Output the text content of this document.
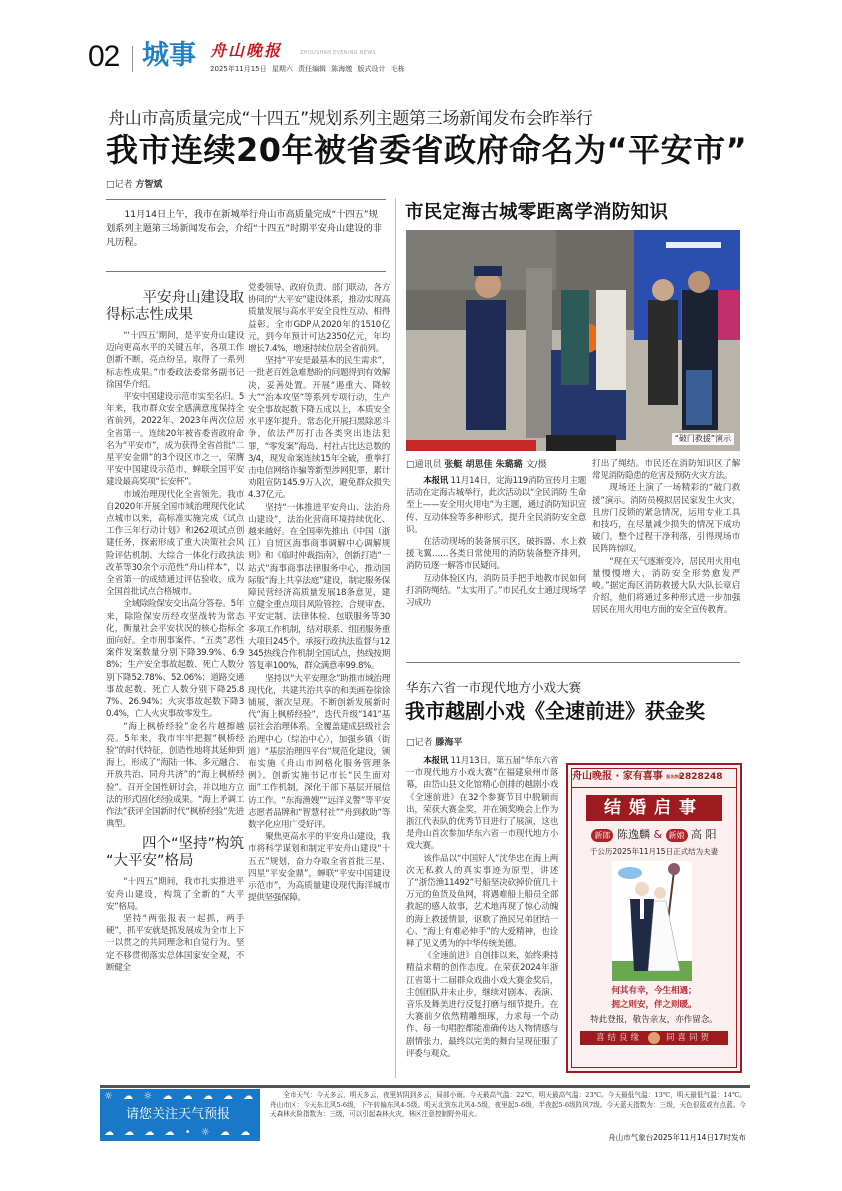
02 城事 舟山晚报	ZHOUSHAN EVENING NEWS
2025年11月15日 星期六 责任编辑 陈海缴 版式设计 毛栋
舟山市高质量完成“十四五”规划系列主题第三场新闻发布会昨举行
我市连续20年被省委省政府命名为“平安市”
□记者 方智斌
11月14日上午，我市在新城举行舟山市高质量完成“十四五”规划系列主题第三场新闻发布会，介绍“十四五”时期平安舟山建设的非凡历程。
平安舟山建设取
得标志性成果

“‘十四五’期间，是平安舟山建设迈向更高水平的关键五年，各项工作创新不断，亮点纷呈，取得了一系列标志性成果。”市委政法委常务副书记徐国华介绍。

平安中国建设示范市实至名归。5年来，我市群众安全感满意度保持全省前列，2022年、2023年两次位居全省第一。连续20年被省委省政府命名为“平安市”，成为获得全省首批“二星平安金鼎”的3个设区市之一，荣膺平安中国建设示范市，蝉联全国平安建设最高奖项“长安杯”。

市域治理现代化全省领先。我市自2020年开展全国市域治理现代化试点城市以来，高标准实施完成《试点工作三年行动计划》和262项试点创建任务，探索形成了重大决策社会风险评估机制、大综合一体化行政执法改革等30余个示范性“舟山样本”，以全省第一的成绩通过评估验收，成为全国首批试点合格城市。

全域除险保安交出高分答卷。5年来，除险保安历经攻坚战转为常态化，衡量社会平安状况的核心指标全面向好。全市刑事案件、“五类”恶性案件发案数量分别下降39.9%、6.98%；生产安全事故起数、死亡人数分别下降52.78%、52.06%；道路交通事故起数、死亡人数分别下降25.87%、26.94%；火灾事故起数下降30.4%，亡人火灾事故零发生。

“海上枫桥经验”金名片越擦越亮。5年来，我市牢牢把握“枫桥经验”的时代特征，创造性地将其延伸到海上，形成了“海陆一体、多元融合、开放共治、同舟共济”的“海上枫桥经验”。召开全国性研讨会，并以地方立法的形式固化经验成果。“海上矛调工作法”获评全国新时代“枫桥经验”先进典型。

四个“坚持”构筑
“大平安”格局

“十四五”期间，我市扎实推进平安舟山建设，构筑了全新的“大平安”格局。

坚持“两张报表一起抓，两手硬”，抓平安就是抓发展成为全市上下一以贯之的共同理念和自觉行为。坚定不移贯彻落实总体国家安全观，不断健全

党委领导、政府负责、部门联动，各方协同的“大平安”建设体系，推动实现高质量发展与高水平安全良性互动、相得益彰。全市GDP从2020年的1510亿元，到今年预计可达2350亿元，年均增长7.4%，增速持续位居全省前列。

坚持“平安是最基本的民生需求”，一批老百姓急难愁盼的问题得到有效解决，妥善处置。开展“遏重大、降较大”“治本攻坚”等系列专项行动，生产安全事故起数下降五成以上，本质安全水平逐年提升。常态化开展扫黑除恶斗争，依法严厉打击各类突出违法犯罪，“零发案”海岛、村社占比达总数的3/4，现发命案连续15年全破，重拳打击电信网络诈骗等新型涉网犯罪，累计劝阻宣防145.9万人次，避免群众损失4.37亿元。

坚持“一体推进平安舟山、法治舟山建设”，法治化营商环境持续优化、越来越好。在全国率先推出《中国（浙江）自贸区海事商事调解中心调解规则》和《临时仲裁指南》，创新打造“一站式”海事商事法律服务中心，推动国际版“海上共享法庭”建设，制定服务保障民营经济高质量发展18条意见，建立健全重点项目风险管控、合规审查、平安定制、法律体检、包联服务等30多项工作机制，结对联系、组团服务重大项目245个。承接行政执法监督与12345热线合作机制全国试点，热线按期答复率100%，群众满意率99.8%。

坚持以“大平安理念”助推市域治理现代化，共建共治共享的和美画卷徐徐铺展，渐次呈现。不断创新发展新时代“海上枫桥经验”，迭代升级“141”基层社会治理体系。全覆盖建成县级社会治理中心（综治中心），加强乡镇（街道）“基层治理四平台”规范化建设，颁布实施《舟山市网格化服务管理条例》。创新实施书记市长“民生面对面”工作机制，深化干部下基层开展信访工作。“东海渔嫂”“远洋义警”等平安志愿者品牌和“智慧村社”“舟到救助”等数字化应用广受好评。

聚焦更高水平的平安舟山建设，我市将科学谋划和制定平安舟山建设“十五五”规划，奋力夺取全省首批三星、四星“平安金鼎”，蝉联“平安中国建设示范市”，为高质量建设现代海洋城市提供坚强保障。

市民定海古城零距离学消防知识
“破门救援”演示
□通讯员 张艇 胡思佳 朱璐璐 文/摄

本报讯 11月14日，定海119消防宣传月主题活动在定海古城举行，此次活动以“全民消防 生命至上——安全用火用电”为主题，通过消防知识宣传、互动体验等多种形式，提升全民消防安全意识。

在活动现场的装备展示区，破拆器、水上救援飞翼……各类日常使用的消防装备整齐排列，消防员逐一解答市民疑问。

互动体验区内，消防员手把手地教市民如何打消防绳结。“太实用了。”市民孔女士通过现场学习成功

打出了绳结。市民还在消防知识区了解常见消防隐患的危害及预防火灾方法。

现场还上演了一场精彩的“破门救援”演示。消防员模拟居民家发生火灾，且房门反锁的紧急情况，运用专业工具和技巧，在尽量减少损失的情况下成功破门，整个过程干净利落，引得现场市民阵阵惊叹。

“现在天气逐渐变冷，居民用火用电量慢慢增大，消防安全形势愈发严峻。”据定海区消防救援大队大队长章启介绍，他们将通过多种形式进一步加强居民在用火用电方面的安全宣传教育。

华东六省一市现代地方小戏大赛
我市越剧小戏《全速前进》获金奖
□记者 滕海平

本报讯 11月13日，第五届“华东六省一市现代地方小戏大赛”在福建泉州市落幕，由岱山县文化馆精心创排的越剧小戏《全速前进》在32个参赛节目中脱颖而出，荣获大赛金奖，并在颁奖晚会上作为浙江代表队的优秀节目进行了展演，这也是舟山首次参加华东六省一市现代地方小戏大赛。

该作品以“中国好人”沈华忠在海上两次无私救人的真实事迹为原型，讲述了“浙岱渔11492”号船坚决砍掉价值几十万元的鱼货及鱼网，将遇难船上船员全部救起的感人故事，艺术地再现了惊心动魄的海上救援情景，讴歌了渔民兄弟团结一心、“海上有难必伸手”的大爱精神，也诠释了见义勇为的中华传统美德。

《全速前进》自创排以来，始终秉持精益求精的创作态度。在荣获2024年浙江省第十二届群众戏曲小戏大赛金奖后，主创团队并未止步，继续对剧本、表演、音乐及舞美进行反复打磨与细节提升。在大赛前夕依然精雕细琢，力求每一个动作、每一句唱腔都能准确传达人物情感与剧情张力，最终以完美的舞台呈现征服了评委与观众。

舟山晚报 · 家有喜事 报名热线 2828248
结婚启事
新郎 陈逸麟 & 新娘 高 阳
于公历2025年11月15日正式结为夫妻
何其有幸，今生相遇；
拥之则安，伴之则暖。
特此登报，敬告亲友，亦作留念。
喜结良缘	同喜同贺
☼ ☁ ☼ ☁ ☁ ☁ ☁ ☁ ☁ ☁
请您关注天气预报
☁ ☁ ☁ ☁ • ☼ ☁ ☁ ☁ ☁

全市天气：今天多云，明天多云，夜里转阴到多云，局部小雨。今天最高气温：22℃，明天最高气温：23℃。今天最低气温：13℃，明天最低气温：14℃。舟山市区：今天东北风5-6级，下午转偏东风4-5级。明天北到东北风4-5级，夜里起5-6级，半夜起5-6级阵风7级。今天蓝天指数为：三级，天色很蓝或有点蓝。今天森林火险指数为：三级，可以引起森林火灾，林区注意控制野外用火。

舟山市气象台2025年11月14日17时发布
